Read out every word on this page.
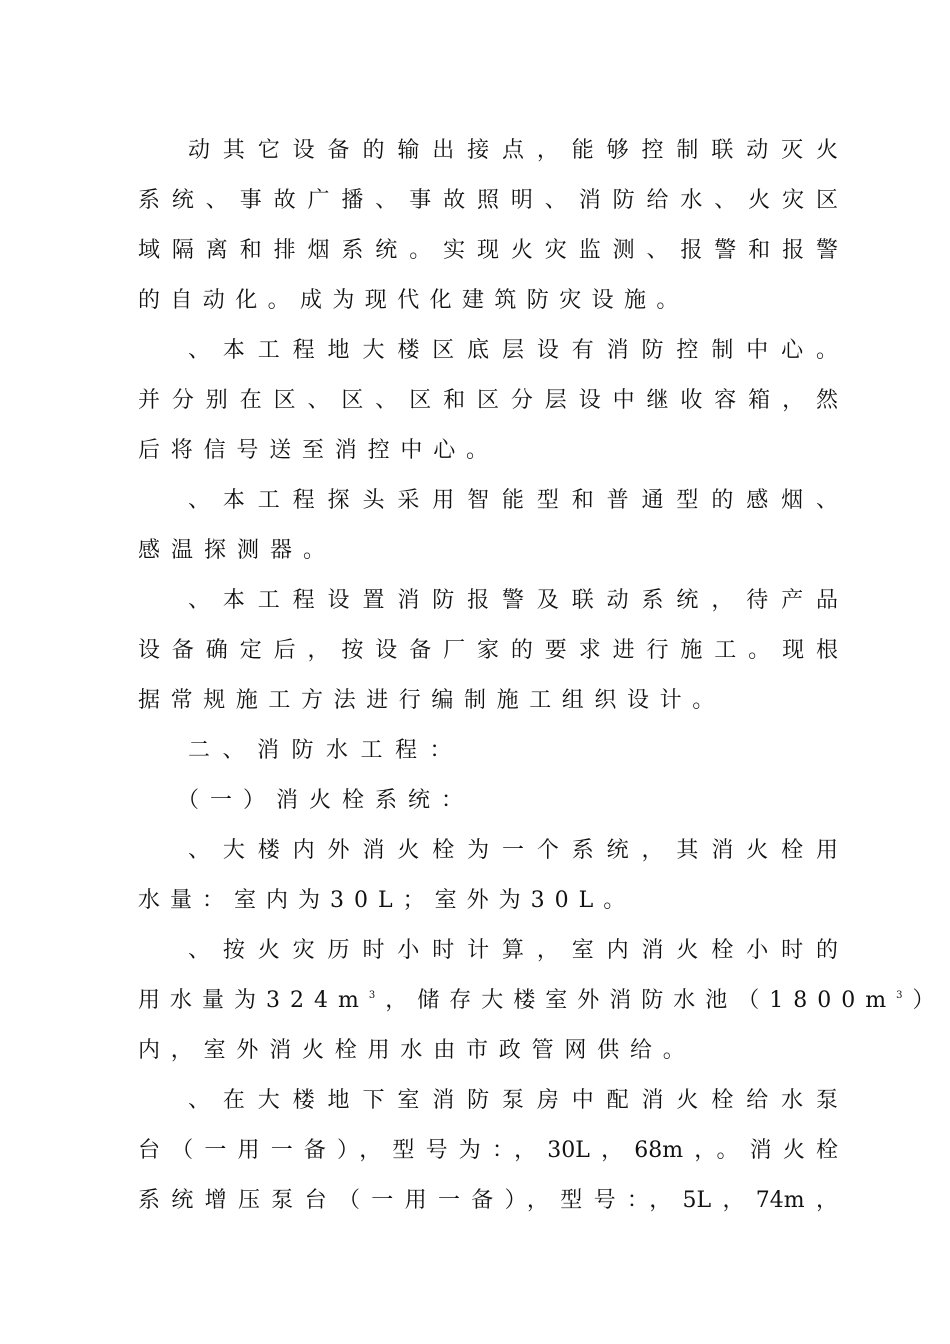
动其它设备的输出接点，能够控制联动灭火
系统、事故广播、事故照明、消防给水、火灾区
域隔离和排烟系统。实现火灾监测、报警和报警
的自动化。成为现代化建筑防灾设施。
、本工程地大楼区底层设有消防控制中心。
并分别在区、区、区和区分层设中继收容箱，然
后将信号送至消控中心。
、本工程探头采用智能型和普通型的感烟、
感温探测器。
、本工程设置消防报警及联动系统，待产品
设备确定后，按设备厂家的要求进行施工。现根
据常规施工方法进行编制施工组织设计。
二、消防水工程：
（一）消火栓系统：
、大楼内外消火栓为一个系统，其消火栓用
水量：室内为30L；室外为30L。
、按火灾历时小时计算，室内消火栓小时的
用水量为$324m^3$，储存大楼室外消防水池$(1800m^3)$
内，室外消火栓用水由市政管网供给。
、在大楼地下室消防泵房中配消火栓给水泵
台（一用一备），型号为：，30L，68m，。消火栓
系统增压泵台（一用一备），型号：，5L，74m，
